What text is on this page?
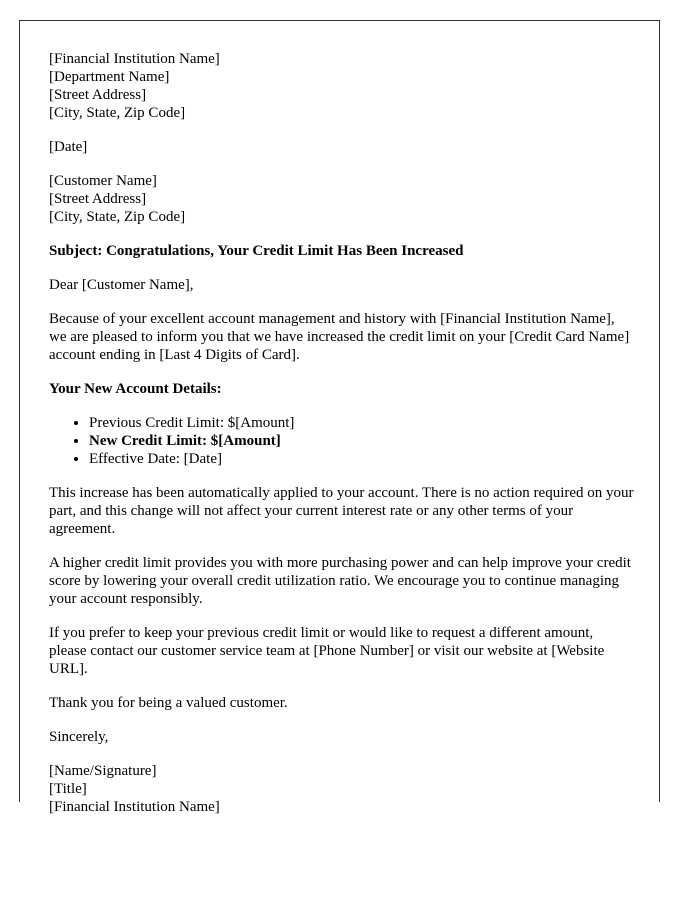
[Financial Institution Name]
[Department Name]
[Street Address]
[City, State, Zip Code]

[Date]

[Customer Name]
[Street Address]
[City, State, Zip Code]

Subject: Congratulations, Your Credit Limit Has Been Increased

Dear [Customer Name],

Because of your excellent account management and history with [Financial Institution Name], we are pleased to inform you that we have increased the credit limit on your [Credit Card Name] account ending in [Last 4 Digits of Card].

Your New Account Details:

• Previous Credit Limit: $[Amount]
• New Credit Limit: $[Amount]
• Effective Date: [Date]

This increase has been automatically applied to your account. There is no action required on your part, and this change will not affect your current interest rate or any other terms of your agreement.

A higher credit limit provides you with more purchasing power and can help improve your credit score by lowering your overall credit utilization ratio. We encourage you to continue managing your account responsibly.

If you prefer to keep your previous credit limit or would like to request a different amount, please contact our customer service team at [Phone Number] or visit our website at [Website URL].

Thank you for being a valued customer.

Sincerely,

[Name/Signature]
[Title]
[Financial Institution Name]
